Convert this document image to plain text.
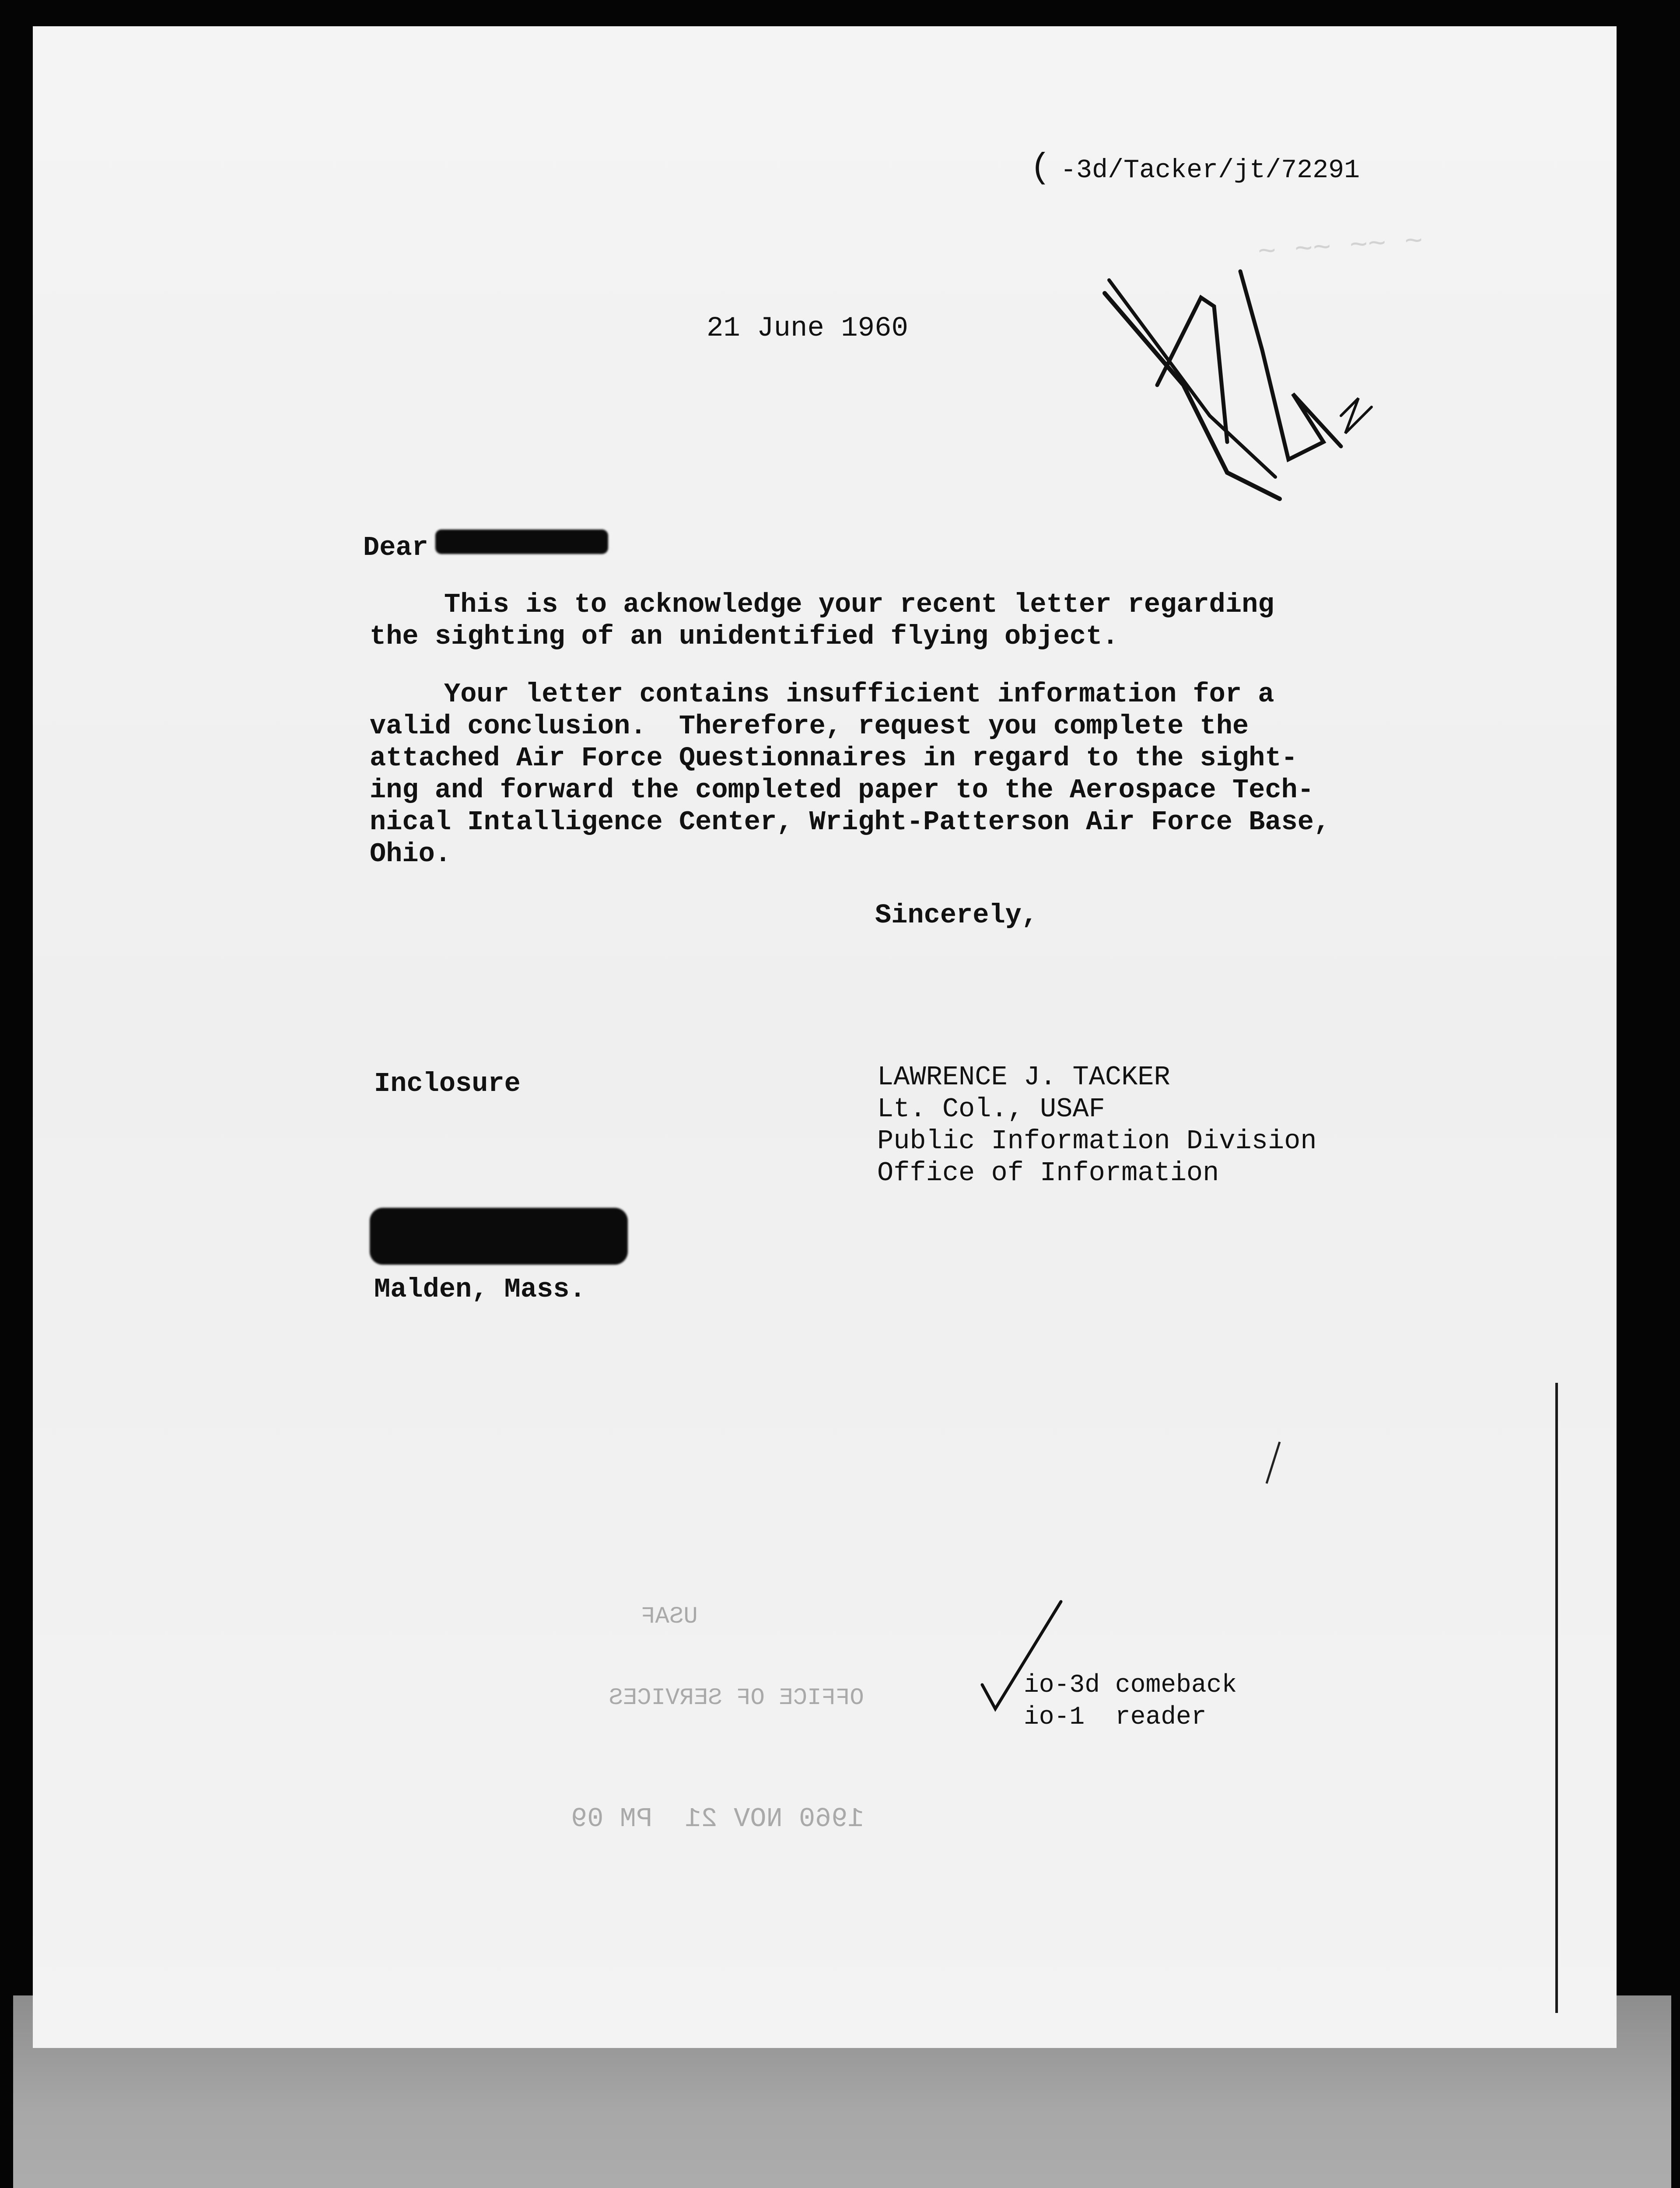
~ ~~ ~~ ~

( -3d/Tacker/jt/72291

21 June 1960
Dear
This is to acknowledge your recent letter regarding
the sighting of an unidentified flying object.
Your letter contains insufficient information for a
valid conclusion.  Therefore, request you complete the
attached Air Force Questionnaires in regard to the sight-
ing and forward the completed paper to the Aerospace Tech-
nical Intalligence Center, Wright-Patterson Air Force Base,
Ohio.
Sincerely,
Inclosure	LAWRENCE J. TACKER
Lt. Col., USAF
Public Information Division
Office of Information
Malden, Mass.

USAF

OFFICE OF SERVICES

1960 NOV 21  PM 09

io-3d comeback
io-1  reader
